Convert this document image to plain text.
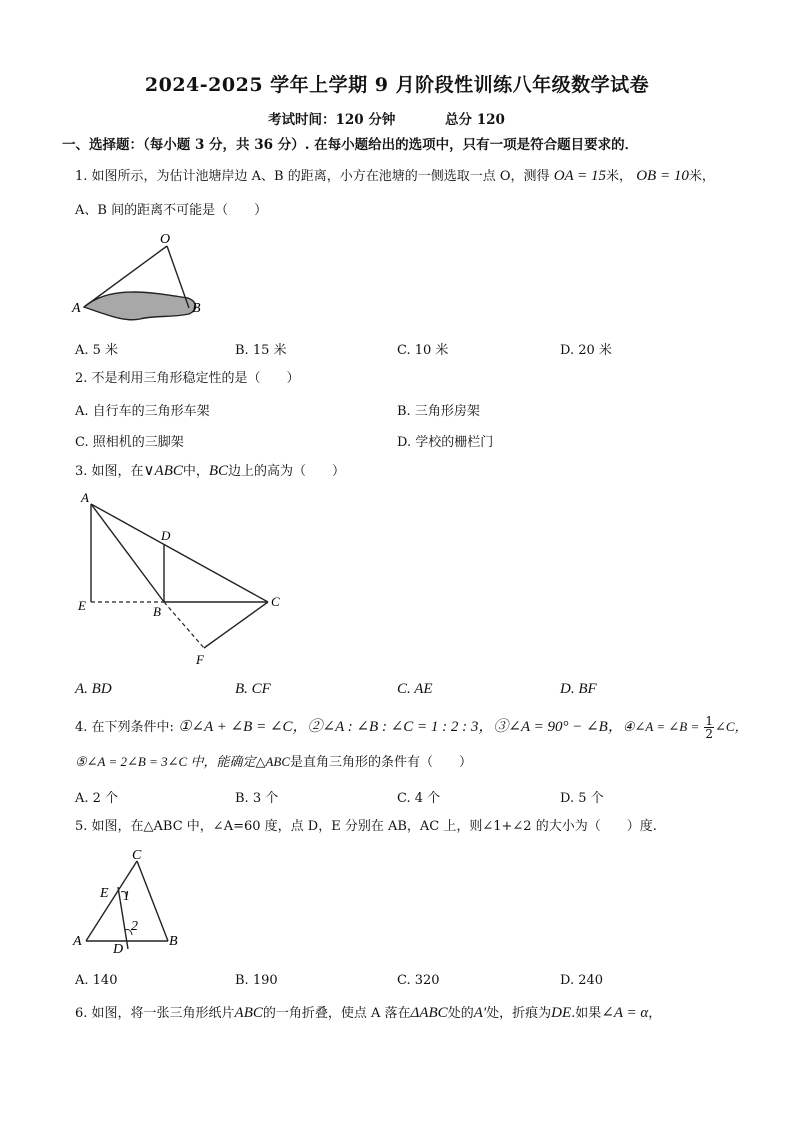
2024-2025 学年上学期 9 月阶段性训练八年级数学试卷
考试时间：120 分钟	总分 120
一、选择题：（每小题 3 分，共 36 分）. 在每小题给出的选项中，只有一项是符合题目要求的．
1. 如图所示，为估计池塘岸边 A、B 的距离，小方在池塘的一侧选取一点 O，测得 OA = 15米， OB = 10米，
A、B 间的距离不可能是（　　）
O
A	B
A. 5 米	B. 15 米	C. 10 米	D. 20 米
2. 不是利用三角形稳定性的是（　　）
A. 自行车的三角形车架	B. 三角形房架
C. 照相机的三脚架	D. 学校的栅栏门
3. 如图，在∨ABC中，BC边上的高为（　　）
A
D
E	B
C
F
A. BD	B. CF	C. AE	D. BF
4. 在下列条件中: ①∠A + ∠B = ∠C，②∠A : ∠B : ∠C = 1 : 2 : 3，③∠A = 90° − ∠B，④∠A = ∠B = $\frac{1}{2}$ ∠C，
⑤∠A = 2∠B = 3∠C 中，能确定△ABC是直角三角形的条件有（　　）
A. 2 个	B. 3 个	C. 4 个	D. 5 个
5. 如图，在△ABC 中，∠A=60 度，点 D，E 分别在 AB，AC 上，则∠1+∠2 的大小为（　　）度.
C
E 1
2
A
D
B
A. 140	B. 190	C. 320	D. 240
6. 如图，将一张三角形纸片ABC的一角折叠，使点 A 落在ΔABC处的A′处，折痕为DE.如果∠A = α，
